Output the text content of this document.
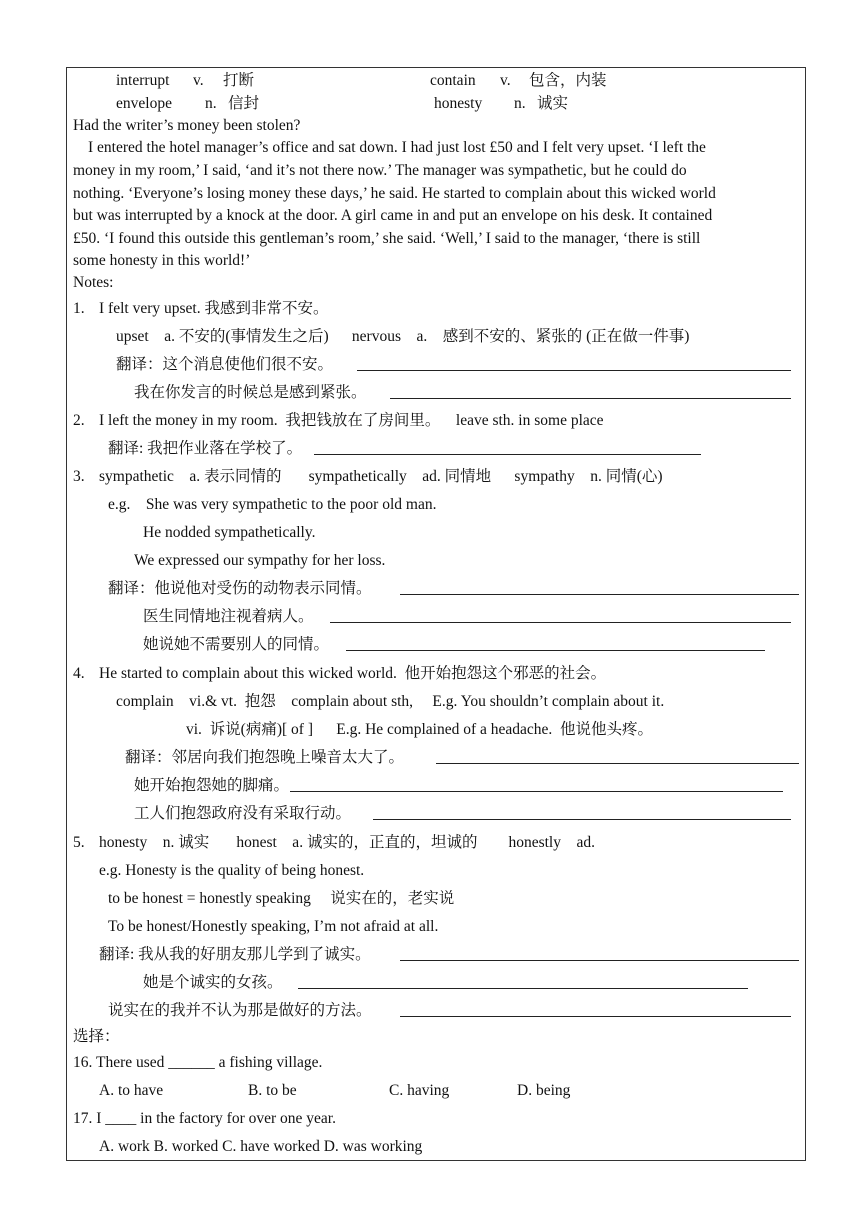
interrupt v. 打断	contain v. 包含，内装
envelope n. 信封	honesty n. 诚实
Had the writer’s money been stolen?
I entered the hotel manager’s office and sat down. I had just lost £50 and I felt very upset. ‘I left the
money in my room,’ I said, ‘and it’s not there now.’ The manager was sympathetic, but he could do
nothing. ‘Everyone’s losing money these days,’ he said. He started to complain about this wicked world
but was interrupted by a knock at the door. A girl came in and put an envelope on his desk. It contained
£50. ‘I found this outside this gentleman’s room,’ she said. ‘Well,’ I said to the manager, ‘there is still
some honesty in this world!’
Notes:
1. I felt very upset. 我感到非常不安。
upset    a. 不安的(事情发生之后)      nervous    a.    感到不安的、紧张的 (正在做一件事)
翻译：这个消息使他们很不安。
我在你发言的时候总是感到紧张。
2. I left the money in my room.  我把钱放在了房间里。    leave sth. in some place
翻译: 我把作业落在学校了。
3. sympathetic    a. 表示同情的       sympathetically    ad. 同情地      sympathy    n. 同情(心)
e.g.    She was very sympathetic to the poor old man.
He nodded sympathetically.
We expressed our sympathy for her loss.
翻译：他说他对受伤的动物表示同情。
医生同情地注视着病人。
她说她不需要别人的同情。
4. He started to complain about this wicked world.  他开始抱怨这个邪恶的社会。
complain    vi.& vt.  抱怨    complain about sth,     E.g. You shouldn’t complain about it.
vi.  诉说(病痛)[ of ]      E.g. He complained of a headache.  他说他头疼。
翻译：邻居向我们抱怨晚上噪音太大了。
她开始抱怨她的脚痛。
工人们抱怨政府没有采取行动。
5. honesty    n. 诚实       honest    a. 诚实的，正直的，坦诚的        honestly    ad.
e.g. Honesty is the quality of being honest.
to be honest = honestly speaking     说实在的，老实说
To be honest/Honestly speaking, I’m not afraid at all.
翻译: 我从我的好朋友那儿学到了诚实。
她是个诚实的女孩。
说实在的我并不认为那是做好的方法。
选择：
16. There used ______ a fishing village.
A. to have	B. to be	C. having	D. being
17. I ____ in the factory for over one year.
A. work B. worked C. have worked D. was working
